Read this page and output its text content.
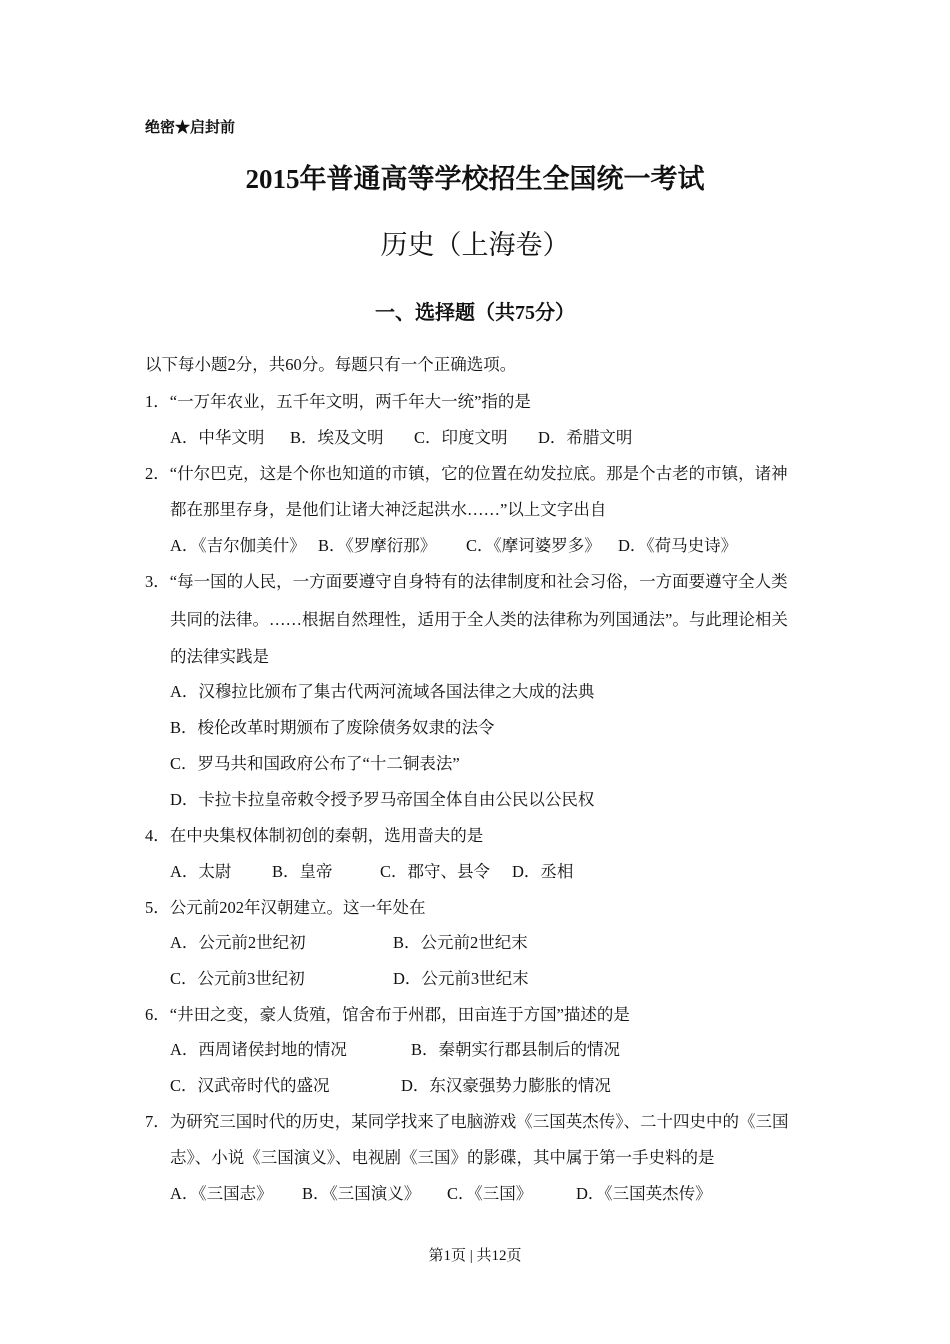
绝密★启封前
2015年普通高等学校招生全国统一考试
历史（上海卷）
一、选择题（共75分）
以下每小题2分，共60分。每题只有一个正确选项。
1．“一万年农业，五千年文明，两千年大一统”指的是
A．中华文明 B．埃及文明 C．印度文明 D．希腊文明
2．“什尔巴克，这是个你也知道的市镇，它的位置在幼发拉底。那是个古老的市镇，诸神
都在那里存身，是他们让诸大神泛起洪水……”以上文字出自
A．《吉尔伽美什》 B．《罗摩衍那》 C．《摩诃婆罗多》 D．《荷马史诗》
3．“每一国的人民，一方面要遵守自身特有的法律制度和社会习俗，一方面要遵守全人类
共同的法律。……根据自然理性，适用于全人类的法律称为列国通法”。与此理论相关
的法律实践是
A．汉穆拉比颁布了集古代两河流域各国法律之大成的法典
B．梭伦改革时期颁布了废除债务奴隶的法令
C．罗马共和国政府公布了“十二铜表法”
D．卡拉卡拉皇帝敕令授予罗马帝国全体自由公民以公民权
4．在中央集权体制初创的秦朝，选用啬夫的是
A．太尉 B．皇帝	C．郡守、县令 D．丞相
5．公元前202年汉朝建立。这一年处在
A．公元前2世纪初	B．公元前2世纪末
C．公元前3世纪初	D．公元前3世纪末
6．“井田之变，豪人货殖，馆舍布于州郡，田亩连于方国”描述的是
A．西周诸侯封地的情况	B．秦朝实行郡县制后的情况
C．汉武帝时代的盛况	D．东汉豪强势力膨胀的情况
7．为研究三国时代的历史，某同学找来了电脑游戏《三国英杰传》、二十四史中的《三国
志》、小说《三国演义》、电视剧《三国》的影碟，其中属于第一手史料的是
A．《三国志》 B．《三国演义》 C．《三国》	D．《三国英杰传》
第1页 | 共12页
